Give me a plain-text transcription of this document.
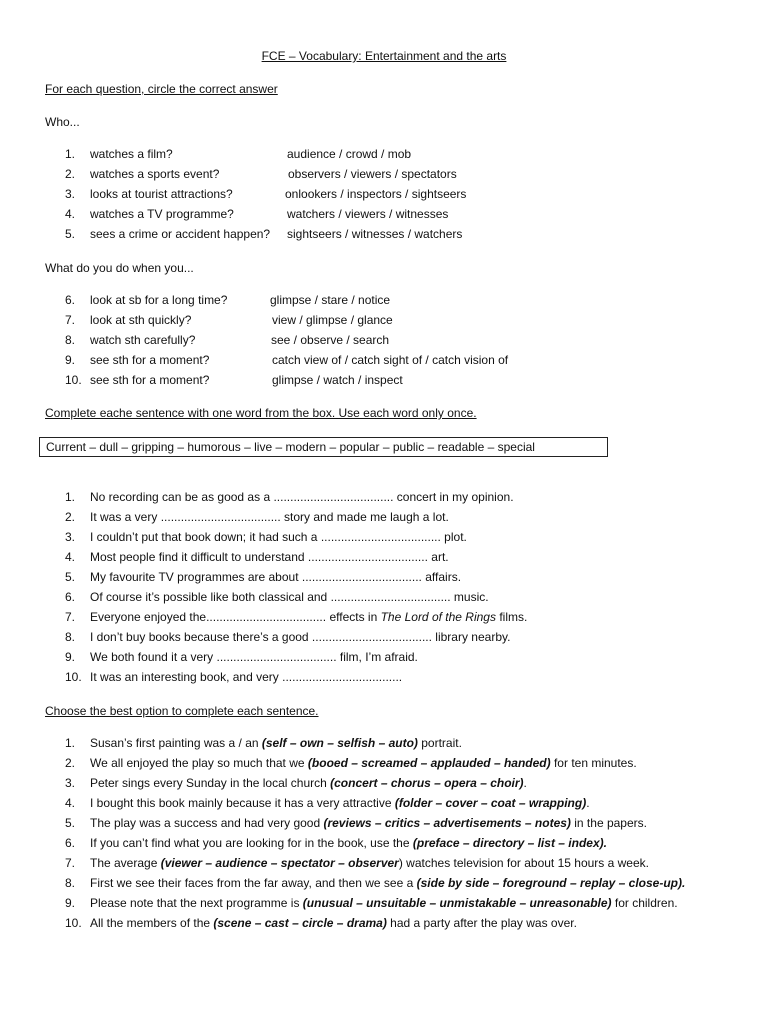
FCE – Vocabulary: Entertainment and the arts
For each question, circle the correct answer
Who...
1.	watches a film?	audience / crowd / mob
2.	watches a sports event?	observers / viewers / spectators
3.	looks at tourist attractions?	onlookers / inspectors / sightseers
4.	watches a TV programme?	watchers / viewers / witnesses
5.	sees a crime or accident happen? sightseers / witnesses / watchers
What do you do when you...
6.	look at sb for a long time?	glimpse / stare / notice
7.	look at sth quickly?	view / glimpse / glance
8.	watch sth carefully?	see / observe / search
9.	see sth for a moment?	catch view of / catch sight of / catch vision of
10. see sth for a moment?	glimpse / watch / inspect
Complete eache sentence with one word from the box. Use each word only once.
Current – dull – gripping – humorous – live – modern – popular – public – readable – special
1.	No recording can be as good as a .................................... concert in my opinion.
2.	It was a very .................................... story and made me laugh a lot.
3.	I couldn’t put that book down; it had such a .................................... plot.
4.	Most people find it difficult to understand .................................... art.
5.	My favourite TV programmes are about .................................... affairs.
6.	Of course it’s possible like both classical and .................................... music.
7.	Everyone enjoyed the.................................... effects in The Lord of the Rings films.
8.	I don’t buy books because there’s a good .................................... library nearby.
9.	We both found it a very .................................... film, I’m afraid.
10. It was an interesting book, and very ....................................
Choose the best option to complete each sentence.
1.	Susan’s first painting was a / an (self – own – selfish – auto) portrait.
2.	We all enjoyed the play so much that we (booed – screamed – applauded – handed) for ten minutes.
3.	Peter sings every Sunday in the local church (concert – chorus – opera – choir).
4.	I bought this book mainly because it has a very attractive (folder – cover – coat – wrapping).
5.	The play was a success and had very good (reviews – critics – advertisements – notes) in the papers.
6.	If you can’t find what you are looking for in the book, use the (preface – directory – list – index).
7.	The average (viewer – audience – spectator – observer) watches television for about 15 hours a week.
8.	First we see their faces from the far away, and then we see a (side by side – foreground – replay – close-up).
9.	Please note that the next programme is (unusual – unsuitable – unmistakable – unreasonable) for children.
10. All the members of the (scene – cast – circle – drama) had a party after the play was over.
